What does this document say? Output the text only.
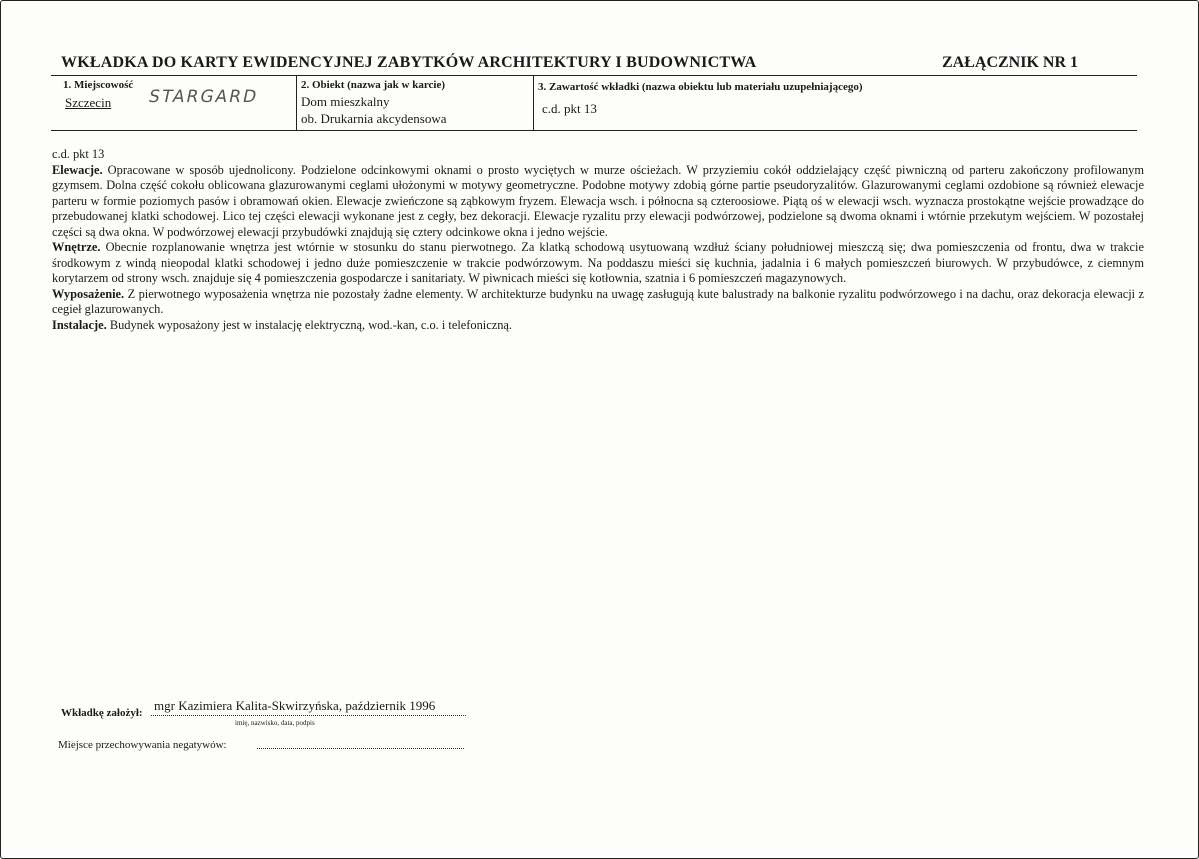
WKŁADKA DO KARTY EWIDENCYJNEJ ZABYTKÓW ARCHITEKTURY I BUDOWNICTWA	ZAŁĄCZNIK NR 1
1. Miejscowość
Szczecin STARGARD
2. Obiekt (nazwa jak w karcie)
Dom mieszkalny
ob. Drukarnia akcydensowa
3. Zawartość wkładki (nazwa obiektu lub materiału uzupełniającego)
c.d. pkt 13

c.d. pkt 13

Elewacje. Opracowane w sposób ujednolicony. Podzielone odcinkowymi oknami o prosto wyciętych w murze ościeżach. W przyziemiu cokół oddzielający część piwniczną od parteru zakończony profilowanym gzymsem. Dolna część cokołu oblicowana glazurowanymi ceglami ułożonymi w motywy geometryczne. Podobne motywy zdobią górne partie pseudoryzalitów. Glazurowanymi ceglami ozdobione są również elewacje parteru w formie poziomych pasów i obramowań okien. Elewacje zwieńczone są ząbkowym fryzem. Elewacja wsch. i północna są czteroosiowe. Piątą oś w elewacji wsch. wyznacza prostokątne wejście prowadzące do przebudowanej klatki schodowej. Lico tej części elewacji wykonane jest z cegły, bez dekoracji. Elewacje ryzalitu przy elewacji podwórzowej, podzielone są dwoma oknami i wtórnie przekutym wejściem. W pozostałej części są dwa okna. W podwórzowej elewacji przybudówki znajdują się cztery odcinkowe okna i jedno wejście.

Wnętrze. Obecnie rozplanowanie wnętrza jest wtórnie w stosunku do stanu pierwotnego. Za klatką schodową usytuowaną wzdłuż ściany południowej mieszczą się; dwa pomieszczenia od frontu, dwa w trakcie środkowym z windą nieopodal klatki schodowej i jedno duże pomieszczenie w trakcie podwórzowym. Na poddaszu mieści się kuchnia, jadalnia i 6 małych pomieszczeń biurowych. W przybudówce, z ciemnym korytarzem od strony wsch. znajduje się 4 pomieszczenia gospodarcze i sanitariaty. W piwnicach mieści się kotłownia, szatnia i 6 pomieszczeń magazynowych.

Wyposażenie. Z pierwotnego wyposażenia wnętrza nie pozostały żadne elementy. W architekturze budynku na uwagę zasługują kute balustrady na balkonie ryzalitu podwórzowego i na dachu, oraz dekoracja elewacji z cegieł glazurowanych.

Instalacje. Budynek wyposażony jest w instalację elektryczną, wod.-kan, c.o. i telefoniczną.

Wkładkę założył: mgr Kazimiera Kalita-Skwirzyńska, październik 1996
imię, nazwisko, data, podpis
Miejsce przechowywania negatywów:
